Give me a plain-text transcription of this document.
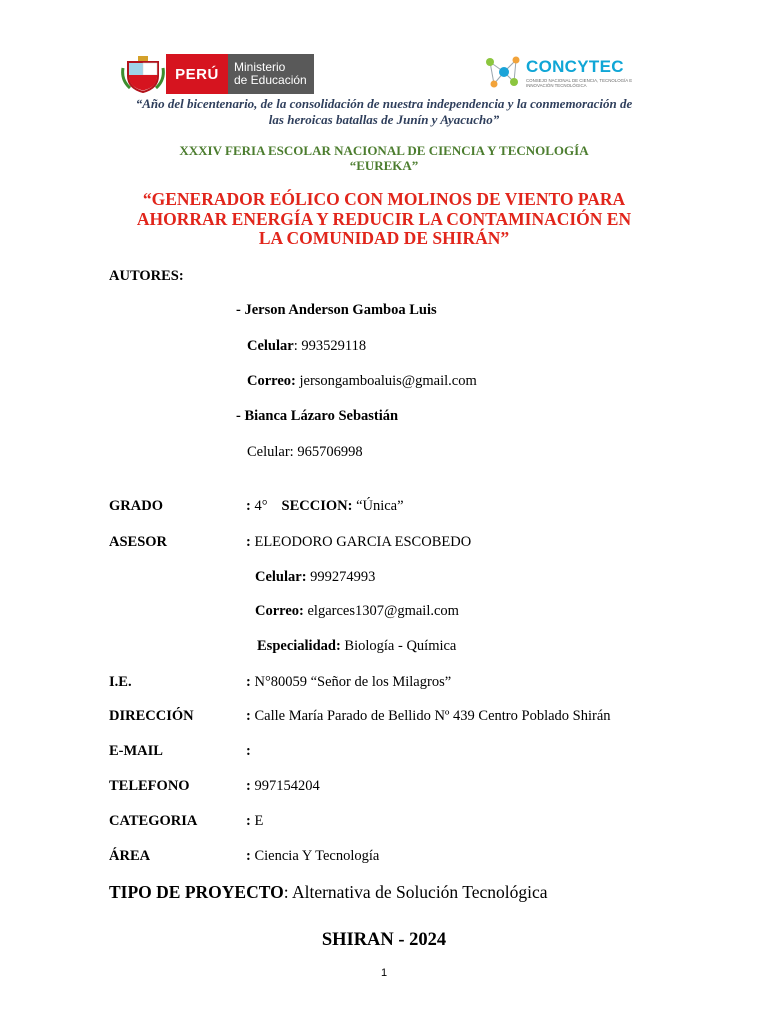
PERÚ	Ministerio
de Educación
CONCYTEC
CONSEJO NACIONAL DE CIENCIA, TECNOLOGÍA E INNOVACIÓN TECNOLÓGICA
“Año del bicentenario, de la consolidación de nuestra independencia y la conmemoración de
las heroicas batallas de Junín y Ayacucho”
XXXIV FERIA ESCOLAR NACIONAL DE CIENCIA Y TECNOLOGÍA
“EUREKA”
“GENERADOR EÓLICO CON MOLINOS DE VIENTO PARA
AHORRAR ENERGÍA Y REDUCIR LA CONTAMINACIÓN EN
LA COMUNIDAD DE SHIRÁN”
AUTORES:
- Jerson Anderson Gamboa Luis
Celular: 993529118
Correo: jersongamboaluis@gmail.com
- Bianca Lázaro Sebastián
Celular: 965706998
GRADO	: 4° SECCION: “Única”
ASESOR	: ELEODORO GARCIA ESCOBEDO
Celular: 999274993
Correo: elgarces1307@gmail.com
Especialidad: Biología - Química
I.E.	: N°80059 “Señor de los Milagros”
DIRECCIÓN	: Calle María Parado de Bellido Nº 439 Centro Poblado Shirán
E-MAIL	:
TELEFONO	: 997154204
CATEGORIA	: E
ÁREA	: Ciencia Y Tecnología
TIPO DE PROYECTO: Alternativa de Solución Tecnológica
SHIRAN - 2024
1
